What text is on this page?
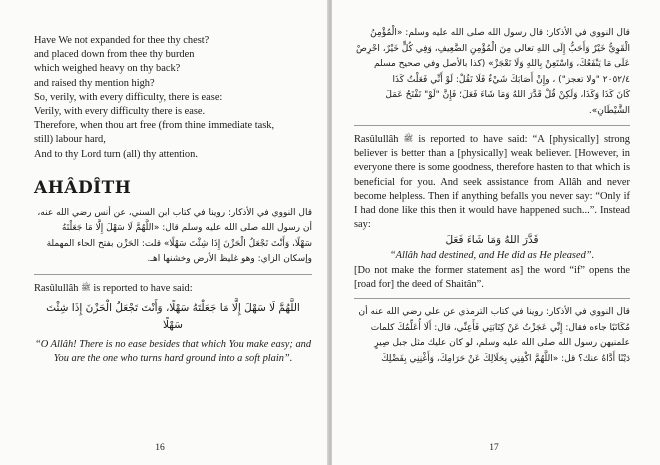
Have We not expanded for thee thy chest?
and placed down from thee thy burden
which weighed heavy on thy back?
and raised thy mention high?
So, verily, with every difficulty, there is ease:
Verily, with every difficulty there is ease.
Therefore, when thou art free (from thine immediate task,
still) labour hard,
And to thy Lord turn (all) thy attention.
AHÂDÎTH

قال النووي في الأذكار: روينا في كتاب ابن السني، عن أنس رضي الله عنه،

أن رسول الله صلى الله عليه وسلم قال: «اللَّهُمَّ لَا سَهْلَ إِلَّا مَا جَعَلْتَهُ

سَهْلًا، وَأَنْتَ تَجْعَلُ الْحَزْنَ إِذَا شِئْتَ سَهْلًا» قلت: الحَزْن بفتح الحاء المهملة

وإسكان الزاي: وهو غليظ الأرض وخشنها اهـ.

Rasûlullâh ﷺ is reported to have said:

اللَّهُمَّ لَا سَهْلَ إِلَّا مَا جَعَلْتَهُ سَهْلًا، وَأَنْتَ تَجْعَلُ الْحَزْنَ إِذَا شِئْتَ

سَهْلًا

“O Allâh! There is no ease besides that which You make easy; and You are the one who turns hard ground into a soft plain”.

16

قال النووي في الأذكار: قال رسول الله صلى الله عليه وسلم: «الْمُؤْمِنُ

الْقَوِيُّ خَيْرٌ وَأَحَبُّ إِلَى اللهِ تعالى مِنَ الْمُؤْمِنِ الضَّعِيفِ، وَفِي كُلٍّ خَيْرٌ، احْرِصْ

عَلَى مَا يَنْفَعُكَ، وَاسْتَعِنْ بِاللهِ وَلَا تَعْجَزْ» (كذا بالأصل وفي صحيح مسلم

٢٠٥٢/٤ "ولا تعجز") ، وإِنْ أَصَابَكَ شَيْءٌ فَلَا تَقُلْ: لَوْ أَنِّي فَعَلْتُ كَذَا

كَانَ كَذَا وَكَذَا، وَلَكِنْ قُلْ قَدَّرَ اللهُ وَمَا شَاءَ فَعَلَ؛ فَإِنَّ "لَوْ" تَفْتَحُ عَمَلَ

الشَّيْطَانِ».

Rasûlullâh ﷺ is reported to have said: “A [physically] strong believer is better than a [physically] weak believer. [However, in everyone there is some goodness, therefore hasten to that which is beneficial for you. And seek assistance from Allâh and never become helpless. Then if anything befalls you never say: “Only if I had done like this then it would have happened such...”. Instead say:

قَدَّرَ اللهُ وَمَا شَاءَ فَعَلَ

“Allâh had destined, and He did as He pleased”.

[Do not make the former statement as] the word “if” opens the [road for] the deed of Shaitân”.

قال النووي في الأذكار: روينا في كتاب الترمذي عن علي رضي الله عنه أن

مُكَاتَبًا جاءه فقال: إِنِّي عَجَزْتُ عَنْ كِتَابَتِي فَأَعِنِّي، قال: أَلَا أُعَلِّمُكَ كلمات

علمنيهن رسول الله صلى الله عليه وسلم، لو كان عليك مثل جبل صِيرٍ

دَيْنًا أَدَّاهُ عنك؟ قل: «اللَّهُمَّ اكْفِنِي بِحَلَالِكَ عَنْ حَرَامِكَ، وَأَغْنِنِي بِفَضْلِكَ

17
